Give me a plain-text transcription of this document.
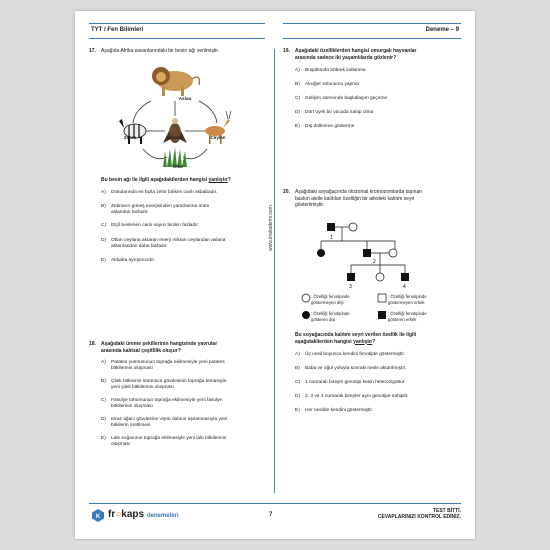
TYT / Fen Bilimleri	Deneme – 9
www.krakademi.com
17. Aşağıda Afrika savanlarındaki bir besin ağı verilmiştir.
Aslan
Zebra	Akbaba	Ceylan
Otlar
Bu besin ağı ile ilgili aşağıdakilerden hangisi yanlıştır?
A) Dokularında en fazla zehir biriken canlı akbabadır.
B) Zebranın güneş enerjisinden yararlanma oranı
aslandan fazladır.
C) Etçil beslenen canlı sayısı birden fazladır.
D) Otları ceylana aktaran enerji miktarı ceylandan aslana
aktarılandan daha fazladır.
E) Akbaba ayrıştırıcıdır.
18. Aşağıdaki üreme şekillerinin hangisinde yavrular
arasında kalıtsal çeşitlilik oluşur?
A) Patates yumrusunun toprağa ekilmesiyle yeni patates
bitkilerinin oluşması
B) Çilek bitkisinin sürünücü gövdesinin toprağa temasıyla
yeni çilek bitkilerinin oluşması
C) Fasulye tohumunun toprağa ekilmesiyle yeni fasulye
bitkilerinin oluşması
D) Kiraz ağacı gövdesine vişne dalının aşılanmasıyla yeni
bitkilerin üretilmesi
E) Lale soğanının toprağa ekilmesiyle yeni lale bitkilerinin
oluşması
19. Aşağıdaki özelliklerden hangisi omurgalı hayvanlar
arasında sadece iki yaşamlılarda gözlenir?
A) Boşaltımda böbrek kullanma
B) Akciğer solunumu yapma
C) Gelişim sürecinde başkalaşım geçirme
D) Dört üyeli bir vücuda sahip olma
E) Dış döllenme gösterme
20. Aşağıdaki soyağacında otozomal kromozomlarda taşınan
baskın alelle kalıtılan özelliğin bir ailedeki kalıtım seyri
gösterilmiştir.
1
2
3	4
: Özelliği fenotipinde
göstermeyen dişi
: Özelliği fenotipinde
göstermeyen erkek
: Özelliği fenotipinde
gösteren dişi
: Özelliği fenotipinde
gösteren erkek
Bu soyağacında kalıtım seyri verilen özellik ile ilgili
aşağıdakilerden hangisi yanlıştır?
A) Üç nesil boyunca kendini fenotipte göstermiştir.
B) Baba ve oğul yoluyla sonraki nesle aktarılmıştır.
C) 1 numaralı bireyin genotipi kesin heterozigottur.
D) 2, 3 ve 4 numaralı bireyler aynı genotipe sahiptir.
E) Her nesilde kendini göstermiştir.
K fr○kaps denemeleri	7
TEST BİTTİ.
CEVAPLARINIZI KONTROL EDİNİZ.
